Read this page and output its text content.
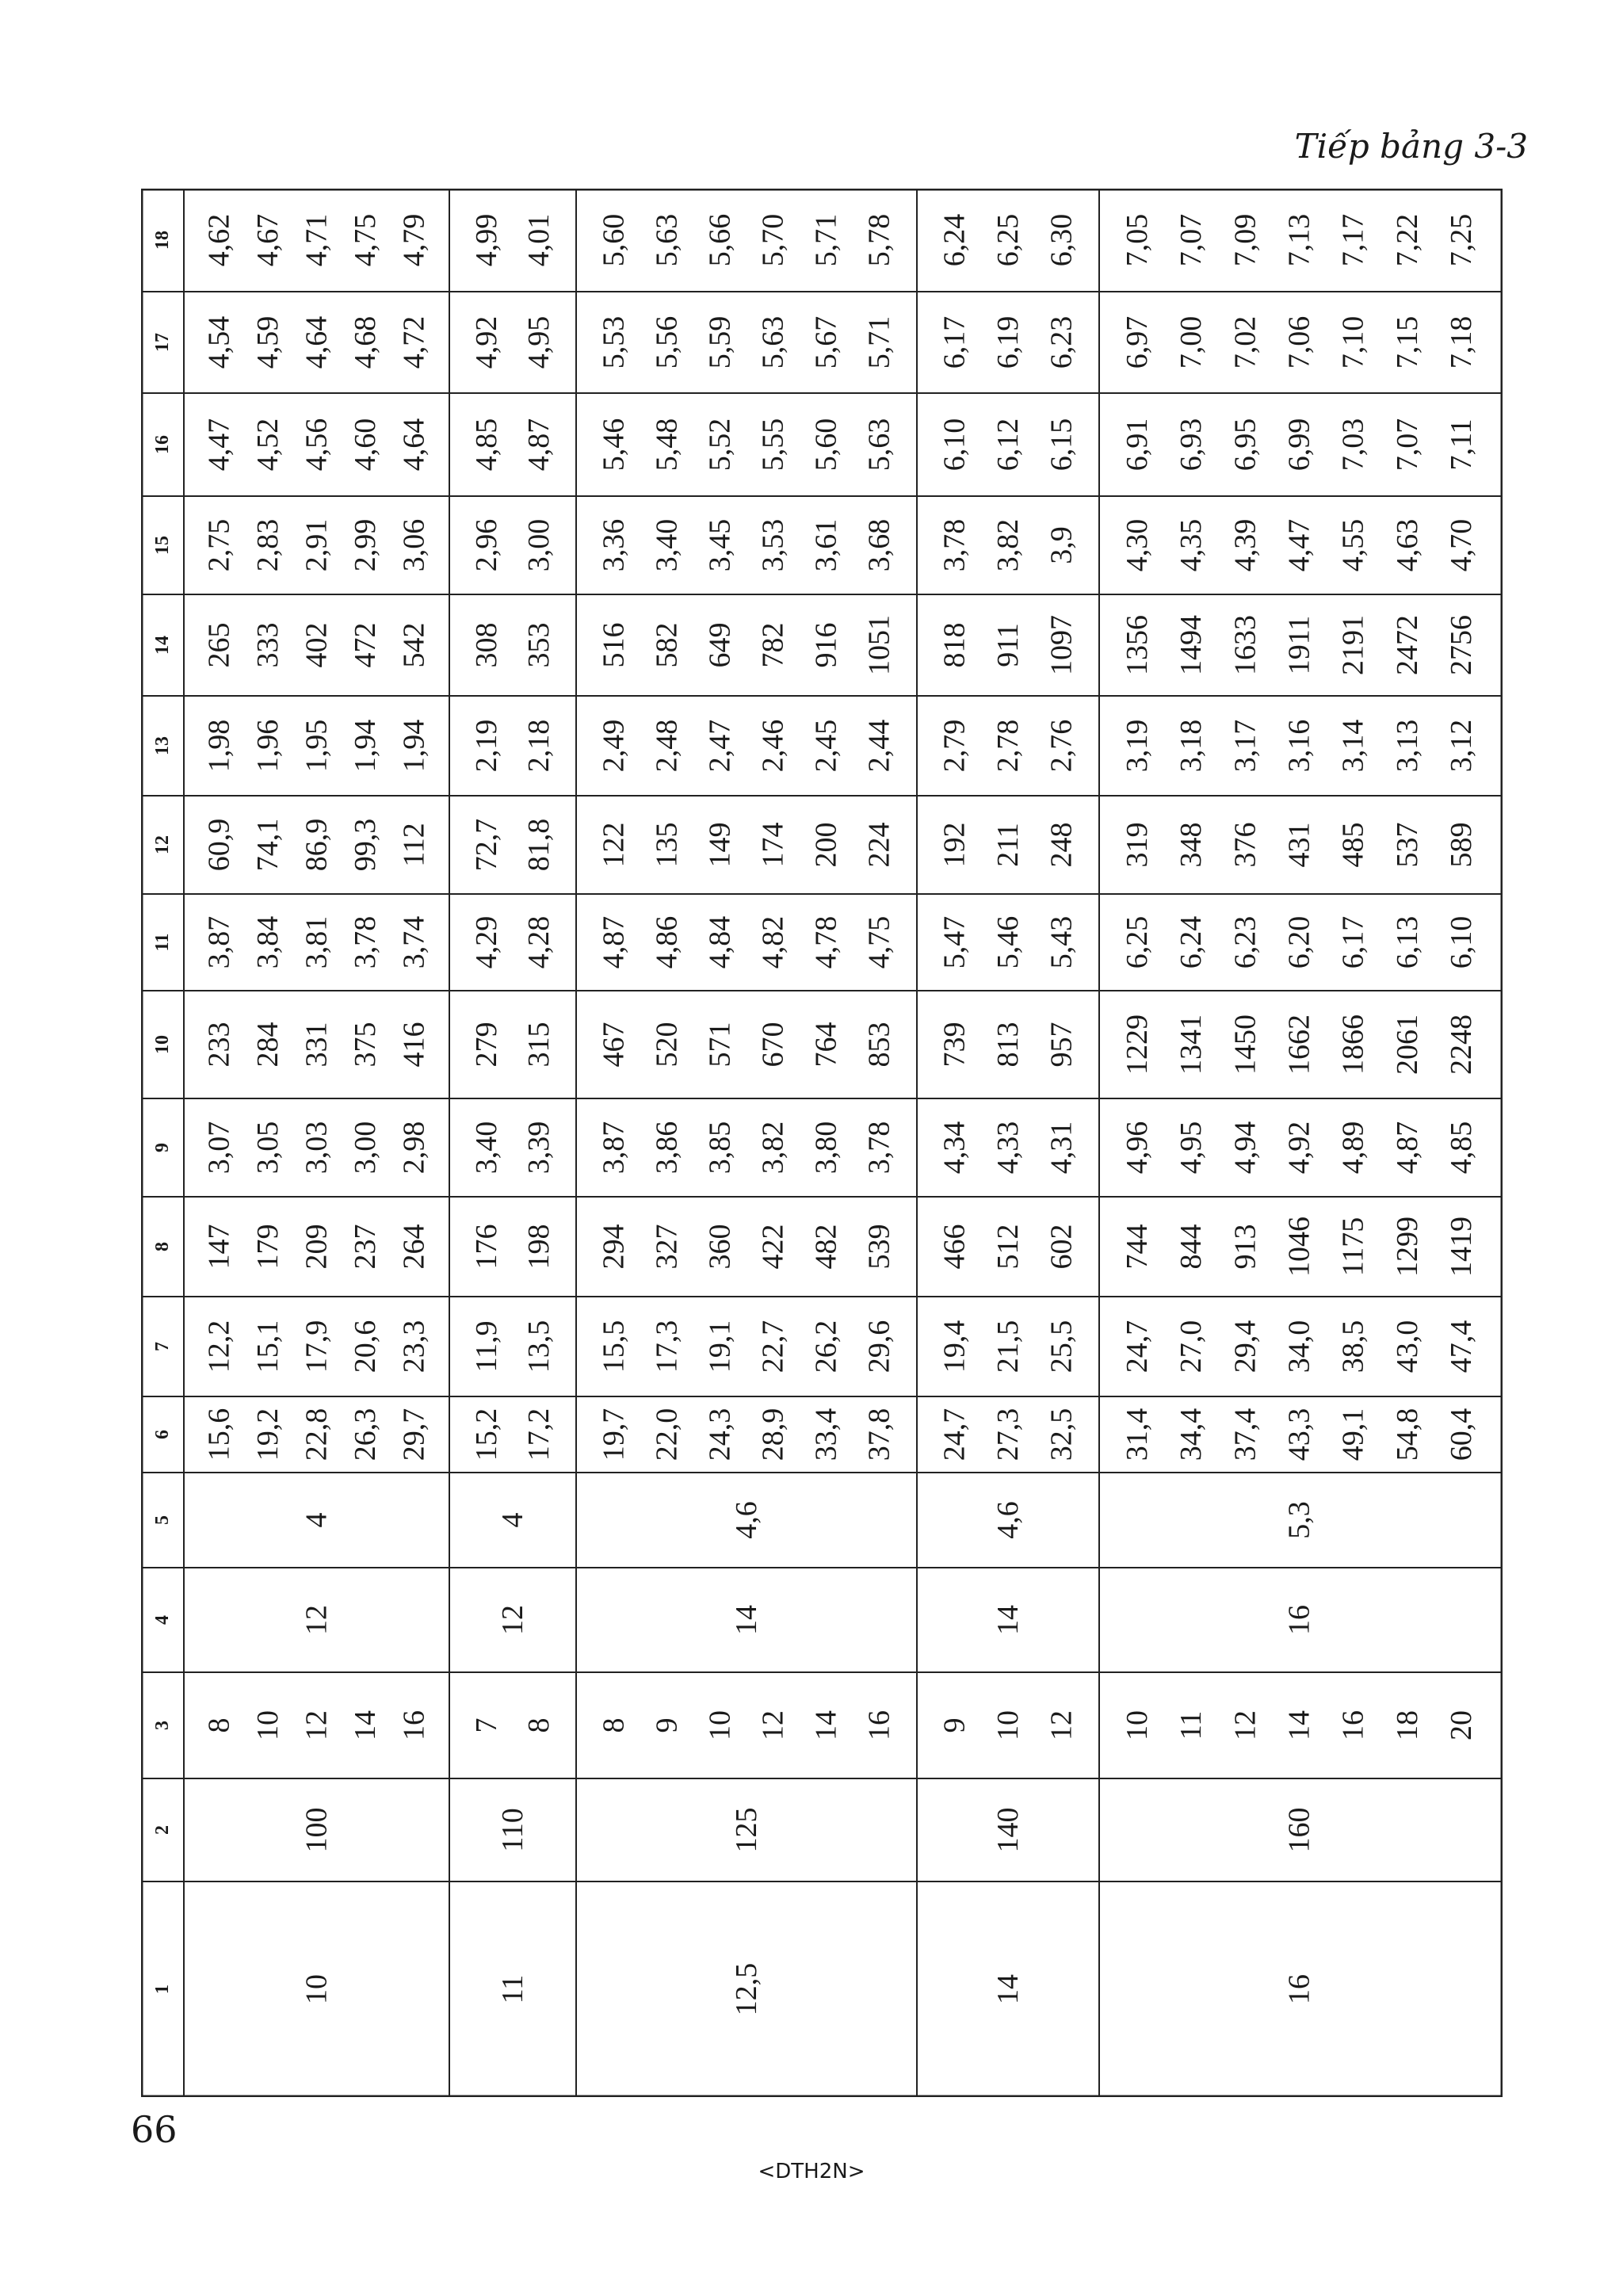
Tiếp bảng 3-3
1
2
3
4
5
6
7
8
9
10
11
12
13
14
15
16
17
18
10
100
12
4
8
15,6
12,2
147
3,07
233
3,87
60,9
1,98
265
2,75
4,47
4,54
4,62
10
19,2
15,1
179
3,05
284
3,84
74,1
1,96
333
2,83
4,52
4,59
4,67
12
22,8
17,9
209
3,03
331
3,81
86,9
1,95
402
2,91
4,56
4,64
4,71
14
26,3
20,6
237
3,00
375
3,78
99,3
1,94
472
2,99
4,60
4,68
4,75
16
29,7
23,3
264
2,98
416
3,74
112
1,94
542
3,06
4,64
4,72
4,79
11
110
12
4
7
15,2
11,9
176
3,40
279
4,29
72,7
2,19
308
2,96
4,85
4,92
4,99
8
17,2
13,5
198
3,39
315
4,28
81,8
2,18
353
3,00
4,87
4,95
4,01
12,5
125
14
4,6
8
19,7
15,5
294
3,87
467
4,87
122
2,49
516
3,36
5,46
5,53
5,60
9
22,0
17,3
327
3,86
520
4,86
135
2,48
582
3,40
5,48
5,56
5,63
10
24,3
19,1
360
3,85
571
4,84
149
2,47
649
3,45
5,52
5,59
5,66
12
28,9
22,7
422
3,82
670
4,82
174
2,46
782
3,53
5,55
5,63
5,70
14
33,4
26,2
482
3,80
764
4,78
200
2,45
916
3,61
5,60
5,67
5,71
16
37,8
29,6
539
3,78
853
4,75
224
2,44
1051
3,68
5,63
5,71
5,78
14
140
14
4,6
9
24,7
19,4
466
4,34
739
5,47
192
2,79
818
3,78
6,10
6,17
6,24
10
27,3
21,5
512
4,33
813
5,46
211
2,78
911
3,82
6,12
6,19
6,25
12
32,5
25,5
602
4,31
957
5,43
248
2,76
1097
3,9
6,15
6,23
6,30
16
160
16
5,3
10
31,4
24,7
744
4,96
1229
6,25
319
3,19
1356
4,30
6,91
6,97
7,05
11
34,4
27,0
844
4,95
1341
6,24
348
3,18
1494
4,35
6,93
7,00
7,07
12
37,4
29,4
913
4,94
1450
6,23
376
3,17
1633
4,39
6,95
7,02
7,09
14
43,3
34,0
1046
4,92
1662
6,20
431
3,16
1911
4,47
6,99
7,06
7,13
16
49,1
38,5
1175
4,89
1866
6,17
485
3,14
2191
4,55
7,03
7,10
7,17
18
54,8
43,0
1299
4,87
2061
6,13
537
3,13
2472
4,63
7,07
7,15
7,22
20
60,4
47,4
1419
4,85
2248
6,10
589
3,12
2756
4,70
7,11
7,18
7,25
66
<DTH2N>
